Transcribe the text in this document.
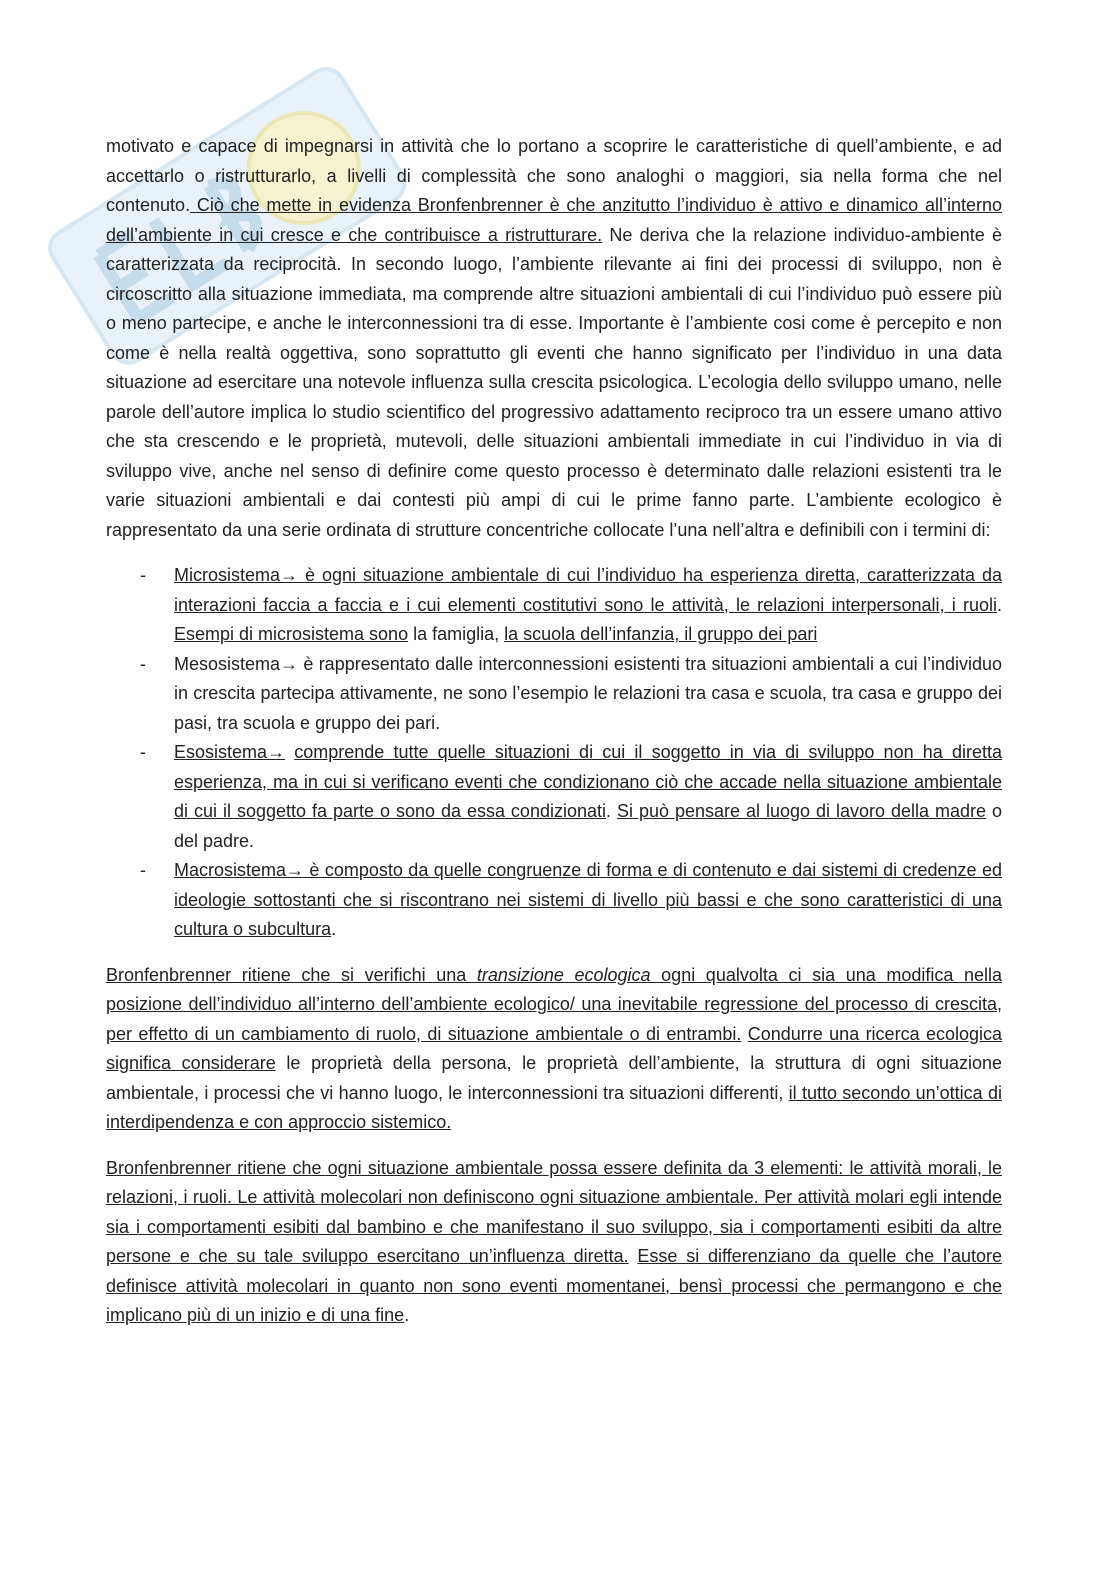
motivato e capace di impegnarsi in attività che lo portano a scoprire le caratteristiche di quell’ambiente, e ad accettarlo o ristrutturarlo, a livelli di complessità che sono analoghi o maggiori, sia nella forma che nel contenuto. Ciò che mette in evidenza Bronfenbrenner è che anzitutto l’individuo è attivo e dinamico all’interno dell’ambiente in cui cresce e che contribuisce a ristrutturare. Ne deriva che la relazione individuo-ambiente è caratterizzata da reciprocità. In secondo luogo, l’ambiente rilevante ai fini dei processi di sviluppo, non è circoscritto alla situazione immediata, ma comprende altre situazioni ambientali di cui l’individuo può essere più o meno partecipe, e anche le interconnessioni tra di esse. Importante è l’ambiente cosi come è percepito e non come è nella realtà oggettiva, sono soprattutto gli eventi che hanno significato per l’individuo in una data situazione ad esercitare una notevole influenza sulla crescita psicologica. L’ecologia dello sviluppo umano, nelle parole dell’autore implica lo studio scientifico del progressivo adattamento reciproco tra un essere umano attivo che sta crescendo e le proprietà, mutevoli, delle situazioni ambientali immediate in cui l’individuo in via di sviluppo vive, anche nel senso di definire come questo processo è determinato dalle relazioni esistenti tra le varie situazioni ambientali e dai contesti più ampi di cui le prime fanno parte. L’ambiente ecologico è rappresentato da una serie ordinata di strutture concentriche collocate l’una nell’altra e definibili con i termini di:

- Microsistema→ è ogni situazione ambientale di cui l’individuo ha esperienza diretta, caratterizzata da interazioni faccia a faccia e i cui elementi costitutivi sono le attività, le relazioni interpersonali, i ruoli. Esempi di microsistema sono la famiglia, la scuola dell’infanzia, il gruppo dei pari
- Mesosistema→ è rappresentato dalle interconnessioni esistenti tra situazioni ambientali a cui l’individuo in crescita partecipa attivamente, ne sono l’esempio le relazioni tra casa e scuola, tra casa e gruppo dei pasi, tra scuola e gruppo dei pari.
- Esosistema→ comprende tutte quelle situazioni di cui il soggetto in via di sviluppo non ha diretta esperienza, ma in cui si verificano eventi che condizionano ciò che accade nella situazione ambientale di cui il soggetto fa parte o sono da essa condizionati. Si può pensare al luogo di lavoro della madre o del padre.
- Macrosistema→ è composto da quelle congruenze di forma e di contenuto e dai sistemi di credenze ed ideologie sottostanti che si riscontrano nei sistemi di livello più bassi e che sono caratteristici di una cultura o subcultura.

Bronfenbrenner ritiene che si verifichi una transizione ecologica ogni qualvolta ci sia una modifica nella posizione dell’individuo all’interno dell’ambiente ecologico/ una inevitabile regressione del processo di crescita, per effetto di un cambiamento di ruolo, di situazione ambientale o di entrambi. Condurre una ricerca ecologica significa considerare le proprietà della persona, le proprietà dell’ambiente, la struttura di ogni situazione ambientale, i processi che vi hanno luogo, le interconnessioni tra situazioni differenti, il tutto secondo un’ottica di interdipendenza e con approccio sistemico.

Bronfenbrenner ritiene che ogni situazione ambientale possa essere definita da 3 elementi: le attività morali, le relazioni, i ruoli. Le attività molecolari non definiscono ogni situazione ambientale. Per attività molari egli intende sia i comportamenti esibiti dal bambino e che manifestano il suo sviluppo, sia i comportamenti esibiti da altre persone e che su tale sviluppo esercitano un’influenza diretta. Esse si differenziano da quelle che l’autore definisce attività molecolari in quanto non sono eventi momentanei, bensì processi che permangono e che implicano più di un inizio e di una fine.
